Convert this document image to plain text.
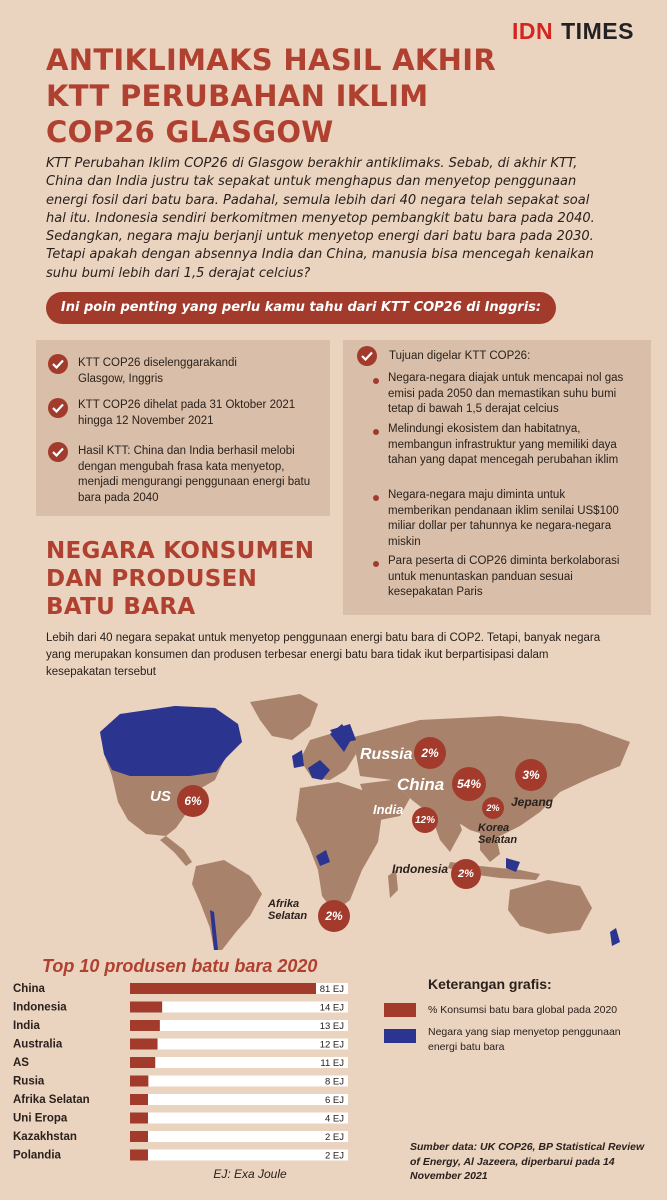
IDN TIMES
ANTIKLIMAKS HASIL AKHIR
KTT PERUBAHAN IKLIM
COP26 GLASGOW
KTT Perubahan Iklim COP26 di Glasgow berakhir antiklimaks. Sebab, di akhir KTT, China dan India justru tak sepakat untuk menghapus dan menyetop penggunaan energi fosil dari batu bara. Padahal, semula lebih dari 40 negara telah sepakat soal hal itu. Indonesia sendiri berkomitmen menyetop pembangkit batu bara pada 2040. Sedangkan, negara maju berjanji untuk menyetop energi dari batu bara pada 2030. Tetapi apakah dengan absennya India dan China, manusia bisa mencegah kenaikan suhu bumi lebih dari 1,5 derajat celcius?
Ini poin penting yang perlu kamu tahu dari KTT COP26 di Inggris:
KTT COP26 diselenggarakandi Glasgow, Inggris
KTT COP26 dihelat pada 31 Oktober 2021 hingga 12 November 2021
Hasil KTT: China dan India berhasil melobi dengan mengubah frasa kata menyetop, menjadi mengurangi penggunaan energi batu bara pada 2040
Tujuan digelar KTT COP26:
Negara-negara diajak untuk mencapai nol gas emisi pada 2050 dan memastikan suhu bumi tetap di bawah 1,5 derajat celcius
Melindungi ekosistem dan habitatnya, membangun infrastruktur yang memiliki daya tahan yang dapat mencegah perubahan iklim
Negara-negara maju diminta untuk memberikan pendanaan iklim senilai US$100 miliar dollar per tahunnya ke negara-negara miskin
Para peserta di COP26 diminta berkolaborasi untuk menuntaskan panduan sesuai kesepakatan Paris
NEGARA KONSUMEN
DAN PRODUSEN
BATU BARA
Lebih dari 40 negara sepakat untuk menyetop penggunaan energi batu bara di COP2. Tetapi, banyak negara yang merupakan konsumen dan produsen terbesar energi batu bara tidak ikut berpartisipasi dalam kesepakatan tersebut
US	6%
Russia 2%
China	54%
3%
Jepang
India
12%
2%
Korea Selatan
Indonesia 2%
Afrika Selatan	2%
Top 10 produsen batu bara 2020
China	81 EJ
Indonesia	14 EJ
India	13 EJ
Australia	12 EJ
AS	11 EJ
Rusia	8 EJ
Afrika Selatan	6 EJ
Uni Eropa	4 EJ
Kazakhstan	2 EJ
Polandia	2 EJ
EJ: Exa Joule
Keterangan grafis:
% Konsumsi batu bara global pada 2020
Negara yang siap menyetop penggunaan energi batu bara
Sumber data: UK COP26, BP Statistical Review of Energy, Al Jazeera, diperbarui pada 14 November 2021
